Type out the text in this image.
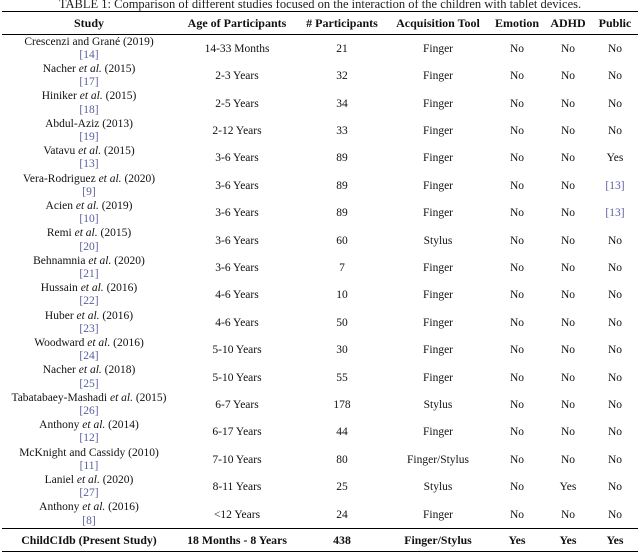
TABLE 1: Comparison of different studies focused on the interaction of the children with tablet devices.
Study	Age of Participants	# Participants	Acquisition Tool	Emotion	ADHD	Public

Crescenzi and Grané (2019)
[14]	14-33 Months	21	Finger	No	No	No

Nacher et al. (2015)
[17]	2-3 Years	32	Finger	No	No	No

Hiniker et al. (2015)
[18]	2-5 Years	34	Finger	No	No	No

Abdul-Aziz (2013)
[19]	2-12 Years	33	Finger	No	No	No

Vatavu et al. (2015)
[13]	3-6 Years	89	Finger	No	No	Yes

Vera-Rodriguez et al. (2020)
[9]	3-6 Years	89	Finger	No	No	[13]

Acien et al. (2019)
[10]	3-6 Years	89	Finger	No	No	[13]

Remi et al. (2015)
[20]	3-6 Years	60	Stylus	No	No	No

Behnamnia et al. (2020)
[21]	3-6 Years	7	Finger	No	No	No

Hussain et al. (2016)
[22]	4-6 Years	10	Finger	No	No	No

Huber et al. (2016)
[23]	4-6 Years	50	Finger	No	No	No

Woodward et al. (2016)
[24]	5-10 Years	30	Finger	No	No	No

Nacher et al. (2018)
[25]	5-10 Years	55	Finger	No	No	No

Tabatabaey-Mashadi et al. (2015)
[26]	6-7 Years	178	Stylus	No	No	No

Anthony et al. (2014)
[12]	6-17 Years	44	Finger	No	No	No

McKnight and Cassidy (2010)
[11]	7-10 Years	80	Finger/Stylus	No	No	No

Laniel et al. (2020)
[27]	8-11 Years	25	Stylus	No	Yes	No

Anthony et al. (2016)
[8]	<12 Years	24	Finger	No	No	No

ChildCIdb (Present Study)	18 Months - 8 Years	438	Finger/Stylus	Yes	Yes	Yes
